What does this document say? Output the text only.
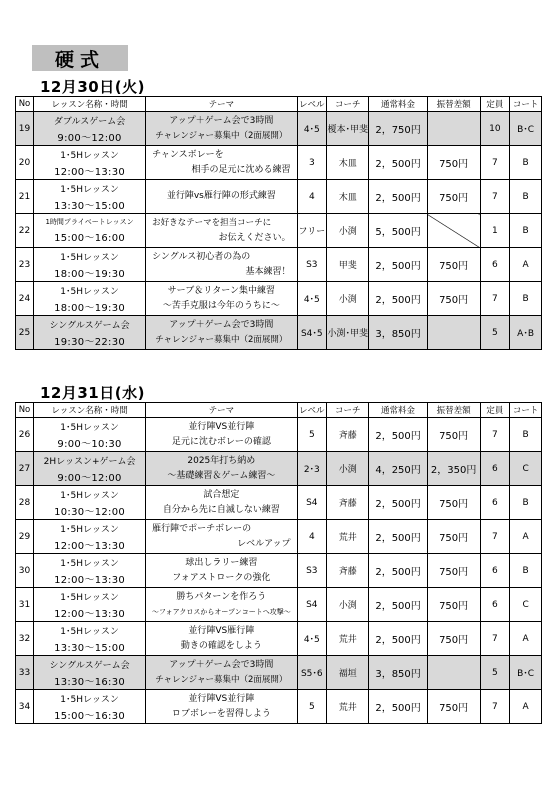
硬式
12月30日(火)
No	レッスン名称・時間	テーマ	レベル	コーチ	通常料金	振替差額	定員	コート
19	ダブルスゲーム会
9:00～12:00	アップ＋ゲーム会で3時間
チャレンジャー募集中（2面展開）	4･5	榎本･甲斐	2，750円		10	B･C
20	1･5Hレッスン
12:00～13:30	チャンスボレーを
相手の足元に沈める練習	3	木皿	2，500円	750円	7	B
21	1･5Hレッスン
13:30～15:00	並行陣vs雁行陣の形式練習	4	木皿	2，500円	750円	7	B
22	1時間プライベートレッスン
15:00～16:00	お好きなテーマを担当コーチに
お伝えください。	フリー	小渕	5，500円		1	B
23	1･5Hレッスン
18:00～19:30	シングルス初心者の為の
基本練習！	S3	甲斐	2，500円	750円	6	A
24	1･5Hレッスン
18:00～19:30	サーブ＆リターン集中練習
～苦手克服は今年のうちに～	4･5	小渕	2，500円	750円	7	B
25	シングルスゲーム会
19:30～22:30	アップ＋ゲーム会で3時間
チャレンジャー募集中（2面展開）	S4･5	小渕･甲斐	3，850円		5	A･B
12月31日(水)
No	レッスン名称・時間	テーマ	レベル	コーチ	通常料金	振替差額	定員	コート
26	1･5Hレッスン
9:00～10:30	並行陣VS並行陣
足元に沈むボレーの確認	5	斉藤	2，500円	750円	7	B
27	2Hレッスン+ゲーム会
9:00～12:00	2025年打ち納め
～基礎練習＆ゲーム練習～	2･3	小渕	4，250円	2，350円	6	C
28	1･5Hレッスン
10:30～12:00	試合想定
自分から先に自滅しない練習	S4	斉藤	2，500円	750円	6	B
29	1･5Hレッスン
12:00～13:30	雁行陣でポーチボレーの
レベルアップ	4	荒井	2，500円	750円	7	A
30	1･5Hレッスン
12:00～13:30	球出しラリー練習
フォアストロークの強化	S3	斉藤	2，500円	750円	6	B
31	1･5Hレッスン
12:00～13:30	勝ちパターンを作ろう
～フォアクロスからオープンコートへ攻撃～	S4	小渕	2，500円	750円	6	C
32	1･5Hレッスン
13:30～15:00	並行陣VS雁行陣
動きの確認をしよう	4･5	荒井	2，500円	750円	7	A
33	シングルスゲーム会
13:30～16:30	アップ＋ゲーム会で3時間
チャレンジャー募集中（2面展開）	S5･6	福垣	3，850円		5	B･C
34	1･5Hレッスン
15:00～16:30	並行陣VS並行陣
ロブボレーを習得しよう	5	荒井	2，500円	750円	7	A
